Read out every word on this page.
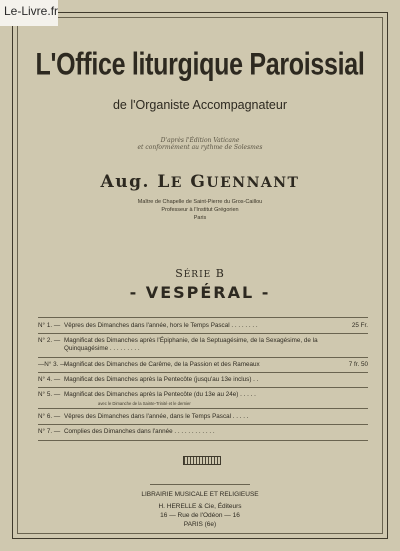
Le-Livre.fr
L'Office liturgique Paroissial
de l'Organiste Accompagnateur
D'après l'Édition Vaticane
et conformément au rythme de Solesmes
Aug. LE GUENNANT
Maître de Chapelle de Saint-Pierre du Gros-Caillou
Professeur à l'Institut Grégorien
Paris
SÉRIE B
- VESPÉRAL -
N° 1. — Vêpres des Dimanches dans l'année, hors le Temps Pascal . . . . . . . .	25 Fr.
N° 2. — Magnificat des Dimanches après l'Épiphanie, de la Septuagésime, de la Sexagésime, de la Quinquagésime . . . . . . . . .
—N° 3. —
Magnificat des Dimanches de Carême, de la Passion et des Rameaux	7 fr. 50
N° 4. — Magnificat des Dimanches après la Pentecôte (jusqu'au 13e inclus) . .
N° 5. — Magnificat des Dimanches après la Pentecôte (du 13e au 24e) . . . . .
avec le Dimanche de la Sainte-Trinité et le dernier
N° 6. — Vêpres des Dimanches dans l'année, dans le Temps Pascal . . . . .
N° 7. — Complies des Dimanches dans l'année . . . . . . . . . . . .
LIBRAIRIE MUSICALE ET RELIGIEUSE
H. HERELLE & Cie, Éditeurs
16 — Rue de l'Odéon — 16
PARIS (6e)
